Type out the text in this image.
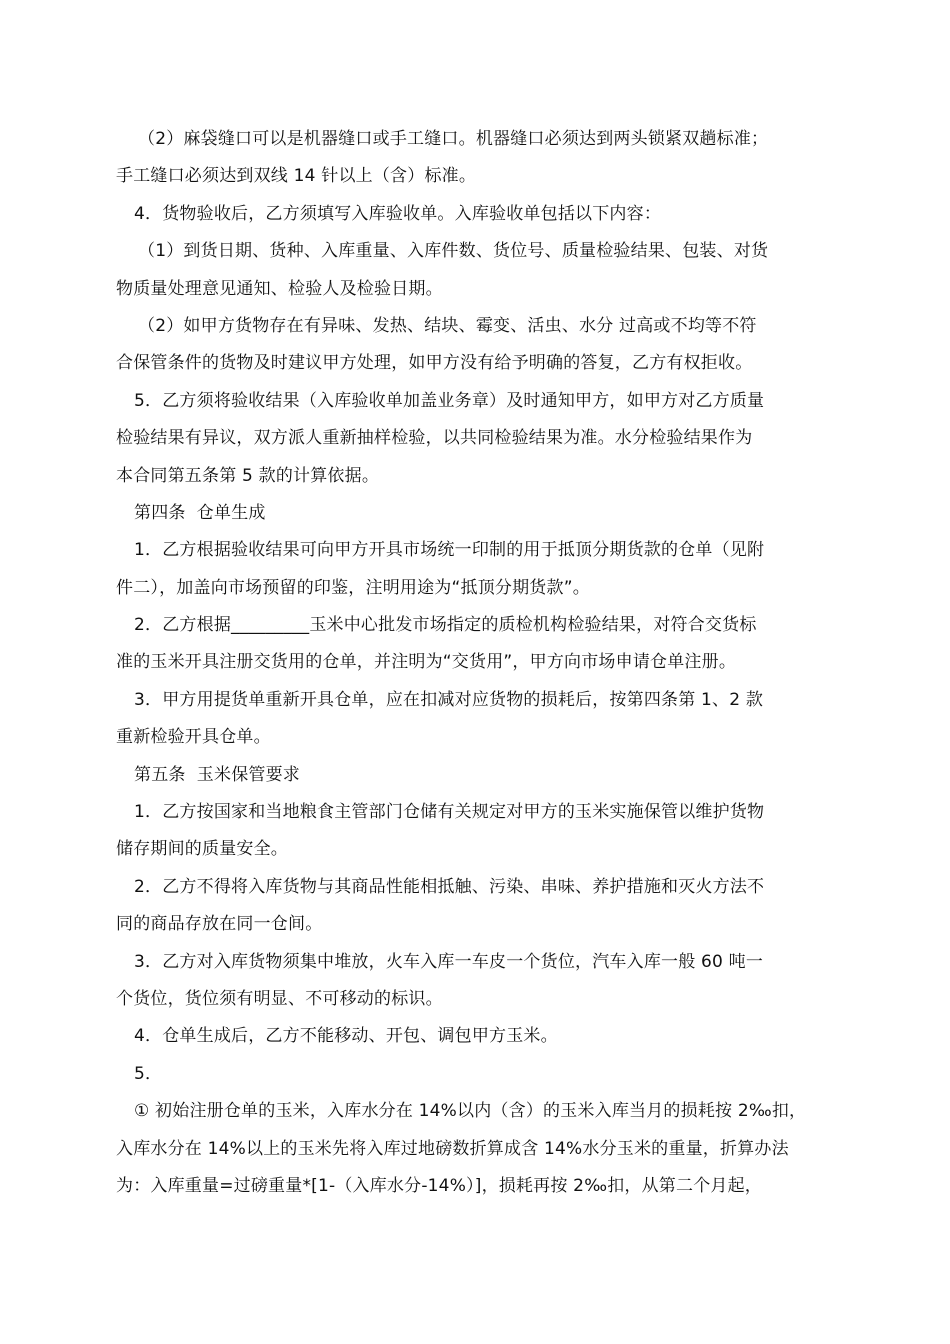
（2）麻袋缝口可以是机器缝口或手工缝口。机器缝口必须达到两头锁紧双趟标准；
手工缝口必须达到双线 14 针以上（含）标准。
4．货物验收后，乙方须填写入库验收单。入库验收单包括以下内容：
（1）到货日期、货种、入库重量、入库件数、货位号、质量检验结果、包装、对货
物质量处理意见通知、检验人及检验日期。
（2）如甲方货物存在有异味、发热、结块、霉变、活虫、水分 过高或不均等不符
合保管条件的货物及时建议甲方处理，如甲方没有给予明确的答复，乙方有权拒收。
5．乙方须将验收结果（入库验收单加盖业务章）及时通知甲方，如甲方对乙方质量
检验结果有异议，双方派人重新抽样检验，以共同检验结果为准。水分检验结果作为
本合同第五条第 5 款的计算依据。
第四条  仓单生成
1．乙方根据验收结果可向甲方开具市场统一印制的用于抵顶分期货款的仓单（见附
件二），加盖向市场预留的印鉴，注明用途为“抵顶分期货款”。
2．乙方根据_________玉米中心批发市场指定的质检机构检验结果，对符合交货标
准的玉米开具注册交货用的仓单，并注明为“交货用”，甲方向市场申请仓单注册。
3．甲方用提货单重新开具仓单，应在扣减对应货物的损耗后，按第四条第 1、2 款
重新检验开具仓单。
第五条  玉米保管要求
1．乙方按国家和当地粮食主管部门仓储有关规定对甲方的玉米实施保管以维护货物
储存期间的质量安全。
2．乙方不得将入库货物与其商品性能相抵触、污染、串味、养护措施和灭火方法不
同的商品存放在同一仓间。
3．乙方对入库货物须集中堆放，火车入库一车皮一个货位，汽车入库一般 60 吨一
个货位，货位须有明显、不可移动的标识。
4．仓单生成后，乙方不能移动、开包、调包甲方玉米。
5．
① 初始注册仓单的玉米，入库水分在 14%以内（含）的玉米入库当月的损耗按 2‰扣，
入库水分在 14%以上的玉米先将入库过地磅数折算成含 14%水分玉米的重量，折算办法
为：入库重量=过磅重量*[1-（入库水分-14%）]，损耗再按 2‰扣，从第二个月起，
